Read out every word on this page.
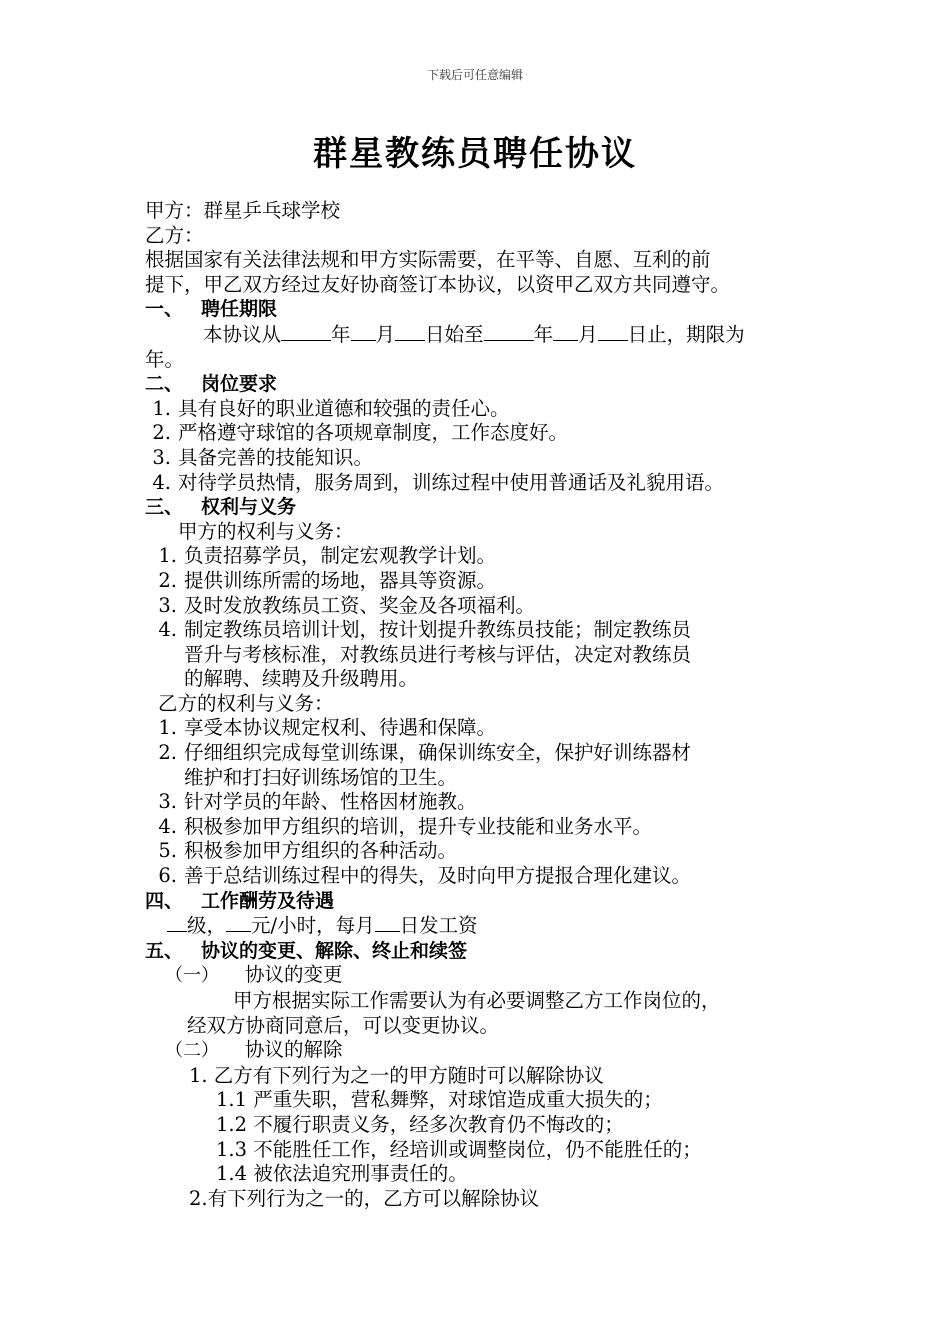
下载后可任意编辑
群星教练员聘任协议
甲方：群星乒乓球学校
乙方：
根据国家有关法律法规和甲方实际需要，在平等、自愿、互利的前
提下，甲乙双方经过友好协商签订本协议，以资甲乙双方共同遵守。
一、 聘任期限
本协议从	年 月 日始至	年 月 日止，期限为
年。
二、 岗位要求
1. 具有良好的职业道德和较强的责任心。
2. 严格遵守球馆的各项规章制度，工作态度好。
3. 具备完善的技能知识。
4. 对待学员热情，服务周到，训练过程中使用普通话及礼貌用语。
三、 权利与义务
甲方的权利与义务：
1. 负责招募学员，制定宏观教学计划。
2. 提供训练所需的场地，器具等资源。
3. 及时发放教练员工资、奖金及各项福利。
4. 制定教练员培训计划，按计划提升教练员技能；制定教练员
晋升与考核标准，对教练员进行考核与评估，决定对教练员
的解聘、续聘及升级聘用。
乙方的权利与义务：
1. 享受本协议规定权利、待遇和保障。
2. 仔细组织完成每堂训练课，确保训练安全，保护好训练器材
维护和打扫好训练场馆的卫生。
3. 针对学员的年龄、性格因材施教。
4. 积极参加甲方组织的培训，提升专业技能和业务水平。
5. 积极参加甲方组织的各种活动。
6. 善于总结训练过程中的得失，及时向甲方提报合理化建议。
四、 工作酬劳及待遇
级， 元/小时，每月 日发工资
五、 协议的变更、解除、终止和续签
（一） 协议的变更
甲方根据实际工作需要认为有必要调整乙方工作岗位的，
经双方协商同意后，可以变更协议。
（二） 协议的解除
1. 乙方有下列行为之一的甲方随时可以解除协议
1.1 严重失职，营私舞弊，对球馆造成重大损失的；
1.2 不履行职责义务，经多次教育仍不悔改的；
1.3 不能胜任工作，经培训或调整岗位，仍不能胜任的；
1.4 被依法追究刑事责任的。
2.有下列行为之一的，乙方可以解除协议
